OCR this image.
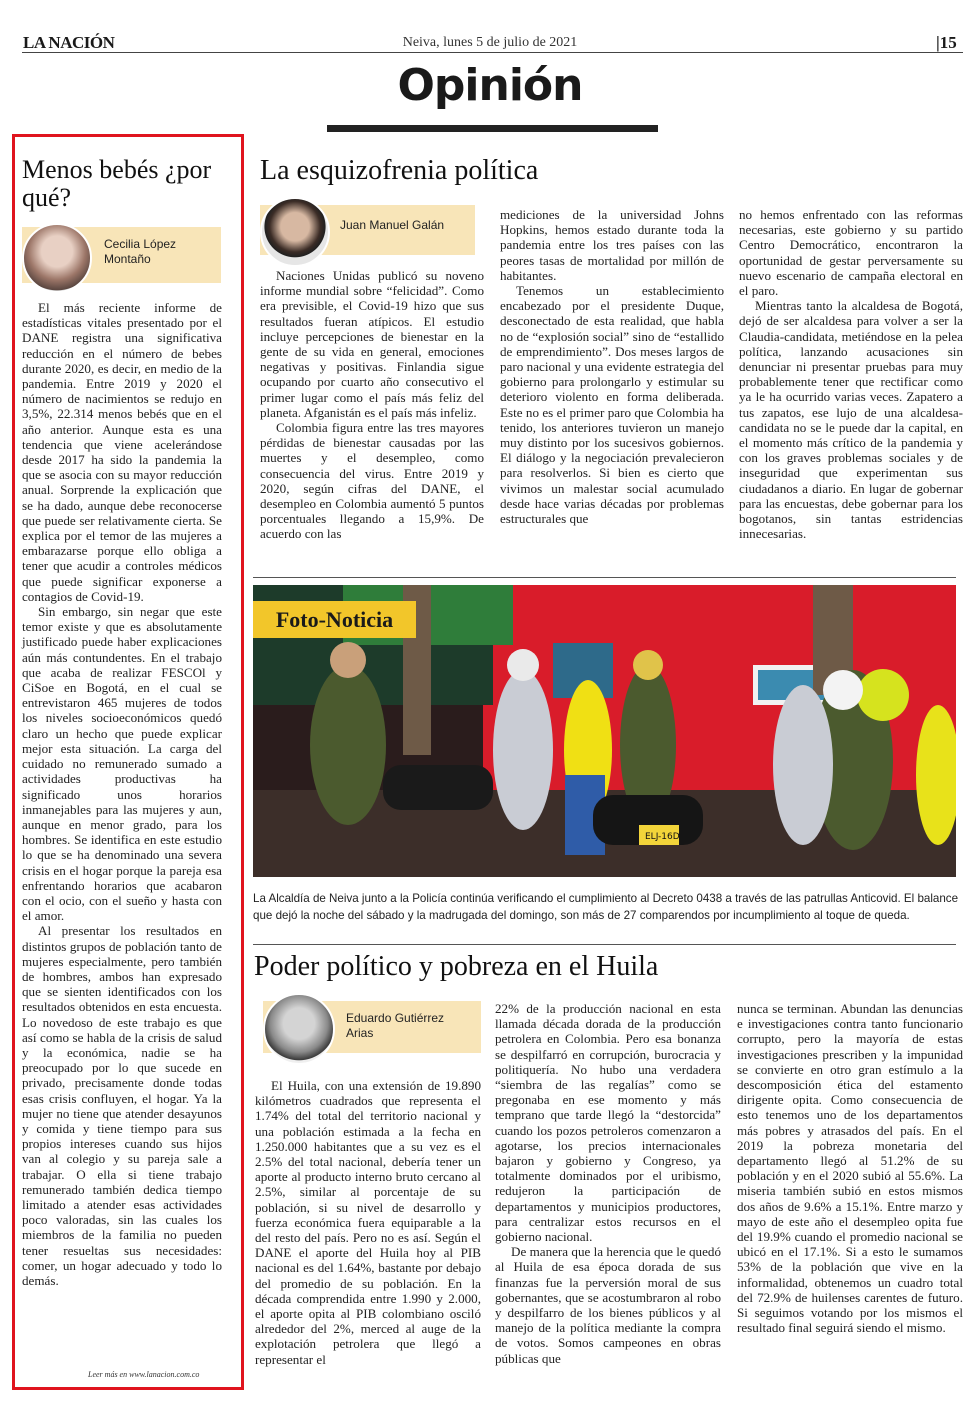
LA NACIÓN	Neiva, lunes 5 de julio de 2021	|15
Opinión
Menos bebés ¿por qué?
Cecilia López Montaño

El más reciente informe de estadísticas vitales presentado por el DANE registra una significativa reducción en el número de bebes durante 2020, es decir, en medio de la pandemia. Entre 2019 y 2020 el número de nacimientos se redujo en 3,5%, 22.314 menos bebés que en el año anterior. Aunque esta es una tendencia que viene acelerándose desde 2017 ha sido la pandemia la que se asocia con su mayor reducción anual. Sorprende la explicación que se ha dado, aunque debe reconocerse que puede ser relativamente cierta. Se explica por el temor de las mujeres a embarazarse porque ello obliga a tener que acudir a controles médicos que puede significar exponerse a contagios de Covid-19.

Sin embargo, sin negar que este temor existe y que es absolutamente justificado puede haber explicaciones aún más contundentes. En el trabajo que acaba de realizar FESCOl y CiSoe en Bogotá, en el cual se entrevistaron 465 mujeres de todos los niveles socioeconómicos quedó claro un hecho que puede explicar mejor esta situación. La carga del cuidado no remunerado sumado a actividades productivas ha significado unos horarios inmanejables para las mujeres y aun, aunque en menor grado, para los hombres. Se identifica en este estudio lo que se ha denominado una severa crisis en el hogar porque la pareja esa enfrentando horarios que acabaron con el ocio, con el sueño y hasta con el amor.

Al presentar los resultados en distintos grupos de población tanto de mujeres especialmente, pero también de hombres, ambos han expresado que se sienten identificados con los resultados obtenidos en esta encuesta. Lo novedoso de este trabajo es que así como se habla de la crisis de salud y la económica, nadie se ha preocupado por lo que sucede en privado, precisamente donde todas esas crisis confluyen, el hogar. Ya la mujer no tiene que atender desayunos y comida y tiene tiempo para sus propios intereses cuando sus hijos van al colegio y su pareja sale a trabajar. O ella si tiene trabajo remunerado también dedica tiempo limitado a atender esas actividades poco valoradas, sin las cuales los miembros de la familia no pueden tener resueltas sus necesidades: comer, un hogar adecuado y todo lo demás.

Leer más en www.lanacion.com.co
La esquizofrenia política
Juan Manuel Galán

Naciones Unidas publicó su noveno informe mundial sobre “felicidad”. Como era previsible, el Covid-19 hizo que sus resultados fueran atípicos. El estudio incluye percepciones de bienestar en la gente de su vida en general, emociones negativas y positivas. Finlandia sigue ocupando por cuarto año consecutivo el primer lugar como el país más feliz del planeta. Afganistán es el país más infeliz.

Colombia figura entre las tres mayores pérdidas de bienestar causadas por las muertes y el desempleo, como consecuencia del virus. Entre 2019 y 2020, según cifras del DANE, el desempleo en Colombia aumentó 5 puntos porcentuales llegando a 15,9%. De acuerdo con las

mediciones de la universidad Johns Hopkins, hemos estado durante toda la pandemia entre los tres países con las peores tasas de mortalidad por millón de habitantes.

Tenemos un establecimiento encabezado por el presidente Duque, desconectado de esta realidad, que habla no de “explosión social” sino de “estallido de emprendimiento”. Dos meses largos de paro nacional y una evidente estrategia del gobierno para prolongarlo y estimular su deterioro violento en forma deliberada. Este no es el primer paro que Colombia ha tenido, los anteriores tuvieron un manejo muy distinto por los sucesivos gobiernos. El diálogo y la negociación prevalecieron para resolverlos. Si bien es cierto que vivimos un malestar social acumulado desde hace varias décadas por problemas estructurales que

no hemos enfrentado con las reformas necesarias, este gobierno y su partido Centro Democrático, encontraron la oportunidad de gestar perversamente su nuevo escenario de campaña electoral en el paro.

Mientras tanto la alcaldesa de Bogotá, dejó de ser alcaldesa para volver a ser la Claudia-candidata, metiéndose en la pelea política, lanzando acusaciones sin denunciar ni presentar pruebas para muy probablemente tener que rectificar como ya le ha ocurrido varias veces. Zapatero a tus zapatos, ese lujo de una alcaldesa-candidata no se le puede dar la capital, en el momento más crítico de la pandemia y con los graves problemas sociales y de inseguridad que experimentan sus ciudadanos a diario. En lugar de gobernar para las encuestas, debe gobernar para los bogotanos, sin tantas estridencias innecesarias.

ELJ-16D
Foto-Noticia
La Alcaldía de Neiva junto a la Policía continúa verificando el cumplimiento al Decreto 0438 a través de las patrullas Anticovid. El balance que dejó la noche del sábado y la madrugada del domingo, son más de 27 comparendos por incumplimiento al toque de queda.
Poder político y pobreza en el Huila
Eduardo Gutiérrez Arias

El Huila, con una extensión de 19.890 kilómetros cuadrados que representa el 1.74% del total del territorio nacional y una población estimada a la fecha en 1.250.000 habitantes que a su vez es el 2.5% del total nacional, debería tener un aporte al producto interno bruto cercano al 2.5%, similar al porcentaje de su población, si su nivel de desarrollo y fuerza económica fuera equiparable a la del resto del país. Pero no es así. Según el DANE el aporte del Huila hoy al PIB nacional es del 1.64%, bastante por debajo del promedio de su población. En la década comprendida entre 1.990 y 2.000, el aporte opita al PIB colombiano osciló alrededor del 2%, merced al auge de la explotación petrolera que llegó a representar el

22% de la producción nacional en esta llamada década dorada de la producción petrolera en Colombia. Pero esa bonanza se despilfarró en corrupción, burocracia y politiquería. No hubo una verdadera “siembra de las regalías” como se pregonaba en ese momento y más temprano que tarde llegó la “destorcida” cuando los pozos petroleros comenzaron a agotarse, los precios internacionales bajaron y gobierno y Congreso, ya totalmente dominados por el uribismo, redujeron la participación de departamentos y municipios productores, para centralizar estos recursos en el gobierno nacional.

De manera que la herencia que le quedó al Huila de esa época dorada de sus finanzas fue la perversión moral de sus gobernantes, que se acostumbraron al robo y despilfarro de los bienes públicos y al manejo de la política mediante la compra de votos. Somos campeones en obras públicas que

nunca se terminan. Abundan las denuncias e investigaciones contra tanto funcionario corrupto, pero la mayoría de estas investigaciones prescriben y la impunidad se convierte en otro gran estímulo a la descomposición ética del estamento dirigente opita. Como consecuencia de esto tenemos uno de los departamentos más pobres y atrasados del país. En el 2019 la pobreza monetaria del departamento llegó al 51.2% de su población y en el 2020 subió al 55.6%. La miseria también subió en estos mismos dos años de 9.6% a 15.1%. Entre marzo y mayo de este año el desempleo opita fue del 19.9% cuando el promedio nacional se ubicó en el 17.1%. Si a esto le sumamos 53% de la población que vive en la informalidad, obtenemos un cuadro total del 72.9% de huilenses carentes de futuro. Si seguimos votando por los mismos el resultado final seguirá siendo el mismo.
